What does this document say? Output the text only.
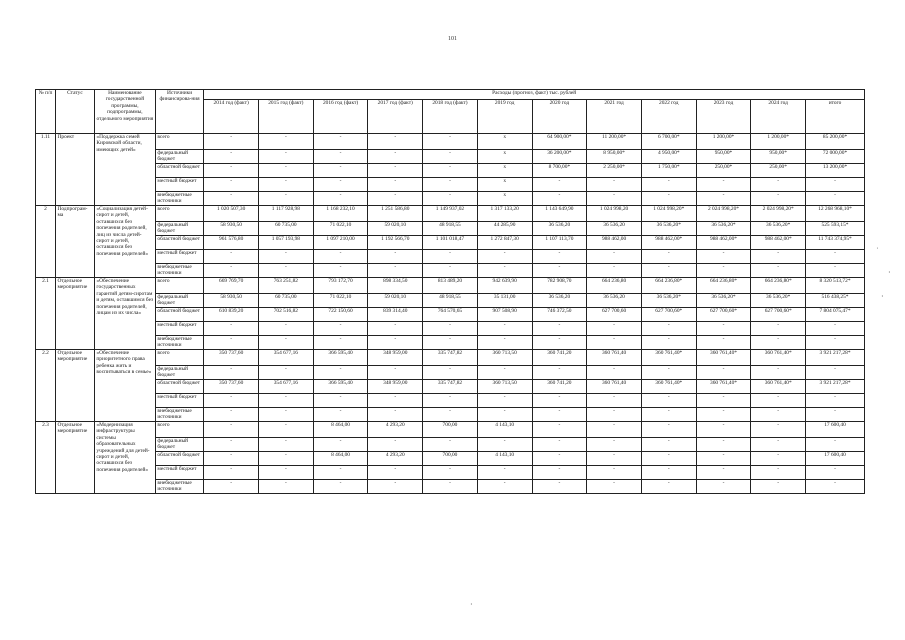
101
№ п/п	Статус	Наименование государственной программы, подпрограммы, отдельного мероприятия	Источники финансирова-ния	Расходы (прогноз, факт) тыс. рублей											
				2014 год (факт)	2015 год (факт)	2016 год (факт)	2017 год (факт)	2018 год (факт)	2019 год	2020 год	2021 год	2022 год	2023 год	2024 год	итого
1.11	Проект	«Поддержка семей Кировской области, имеющих детей»	всего	-	-	-	-	-	х	64 900,00*	11 200,00*	6 700,00*	1 200,00*	1 200,00*	85 200,00*
			федеральный бюджет	-	-	-	-	-	х	36 200,00*	8 950,00*	4 950,00*	950,00*	950,00*	72 000,00*
			областной бюджет	-	-	-	-	-	х	8 700,00*	2 250,00*	1 750,00*	250,00*	250,00*	13 200,00*
			местный бюджет	-	-	-	-	-	х	-	-	-	-	-	-
			внебюджетные источники	-	-	-	-	-	х	-	-	-	-	-	-
2	Подпрограм-ма	«Социализация детей-сирот и детей, оставшихся без попечения родителей, лиц из числа детей-сирот и детей, оставшихся без попечения родителей»	всего	1 020 507,30	1 117 928,98	1 168 232,10	1 251 586,80	1 149 937,02	1 317 133,20	1 143 649,90	1 024 998,20	1 024 998,20*	2 024 998,20*	2 024 998,20*	12 268 968,10*
			федеральный бюджет	58 930,50	60 735,00	71 022,10	59 020,10	48 918,55	44 285,90	36 536,20	36 536,20	36 536,20*	36 536,20*	36 536,20*	525 593,15*
			областной бюджет	961 576,80	1 057 193,98	1 097 210,00	1 192 566,70	1 101 018,47	1 272 847,30	1 107 113,70	988 462,00	988 462,00*	988 462,00*	988 462,00*	11 743 374,95*
			местный бюджет	-	-	-	-	-	-	-	-	-	-	-	-
			внебюджетные источники	-	-	-	-	-	-	-	-	-	-	-	-
2.1	Отдельное мероприятие	«Обеспечение государственных гарантий детям-сиротам и детям, оставшимся без попечения родителей, лицам из их числа»	всего	669 769,70	763 251,82	793 172,70	898 334,50	813 489,20	942 639,90	782 908,70	664 236,80	664 236,80*	664 236,80*	664 236,80*	8 320 513,72*
			федеральный бюджет	58 930,50	60 735,00	71 022,10	59 020,10	48 918,55	35 131,00	36 536,20	36 536,20	36 536,20*	36 536,20*	36 536,20*	516 438,25*
			областной бюджет	610 839,20	702 516,82	722 150,60	839 314,40	764 570,65	907 508,90	746 372,50	627 700,60	627 700,60*	627 700,60*	627 700,60*	7 804 075,47*
			местный бюджет	-	-	-	-	-	-	-	-	-	-	-	-
			внебюджетные источники	-	-	-	-	-	-	-	-	-	-	-	-
2.2	Отдельное мероприятие	«Обеспечение приоритетного права ребенка жить и воспитываться в семье»	всего	350 737,60	354 677,16	366 595,40	348 959,00	335 747,82	360 713,50	360 741,20	360 761,40	360 761,40*	360 761,40*	360 761,40*	3 921 217,28*
			федеральный бюджет	-	-	-	-	-	-	-	-	-	-	-	-
			областной бюджет	350 737,60	354 677,16	366 595,40	348 959,00	335 747,82	360 713,50	360 741,20	360 761,40	360 761,40*	360 761,40*	360 761,40*	3 921 217,28*
			местный бюджет	-	-	-	-	-	-	-	-	-	-	-	-
			внебюджетные источники	-	-	-	-	-	-	-	-	-	-	-	-
2.3	Отдельное мероприятие	«Модернизация инфраструктуры системы образовательных учреждений для детей-сирот и детей, оставшихся без попечения родителей»	всего	-	-	8 464,00	4 293,20	700,00	4 143,10	-	-	-	-	-	17 600,40
			федеральный бюджет	-	-	-	-	-	-	-	-	-	-	-	-
			областной бюджет	-	-	8 464,00	4 293,20	700,00	4 143,10	-	-	-	-	-	17 600,40
			местный бюджет	-	-	-	-	-	-	-	-	-	-	-	-
			внебюджетные источники	-	-	-	-	-	-	-	-	-	-	-	-
˙
·
·
·
